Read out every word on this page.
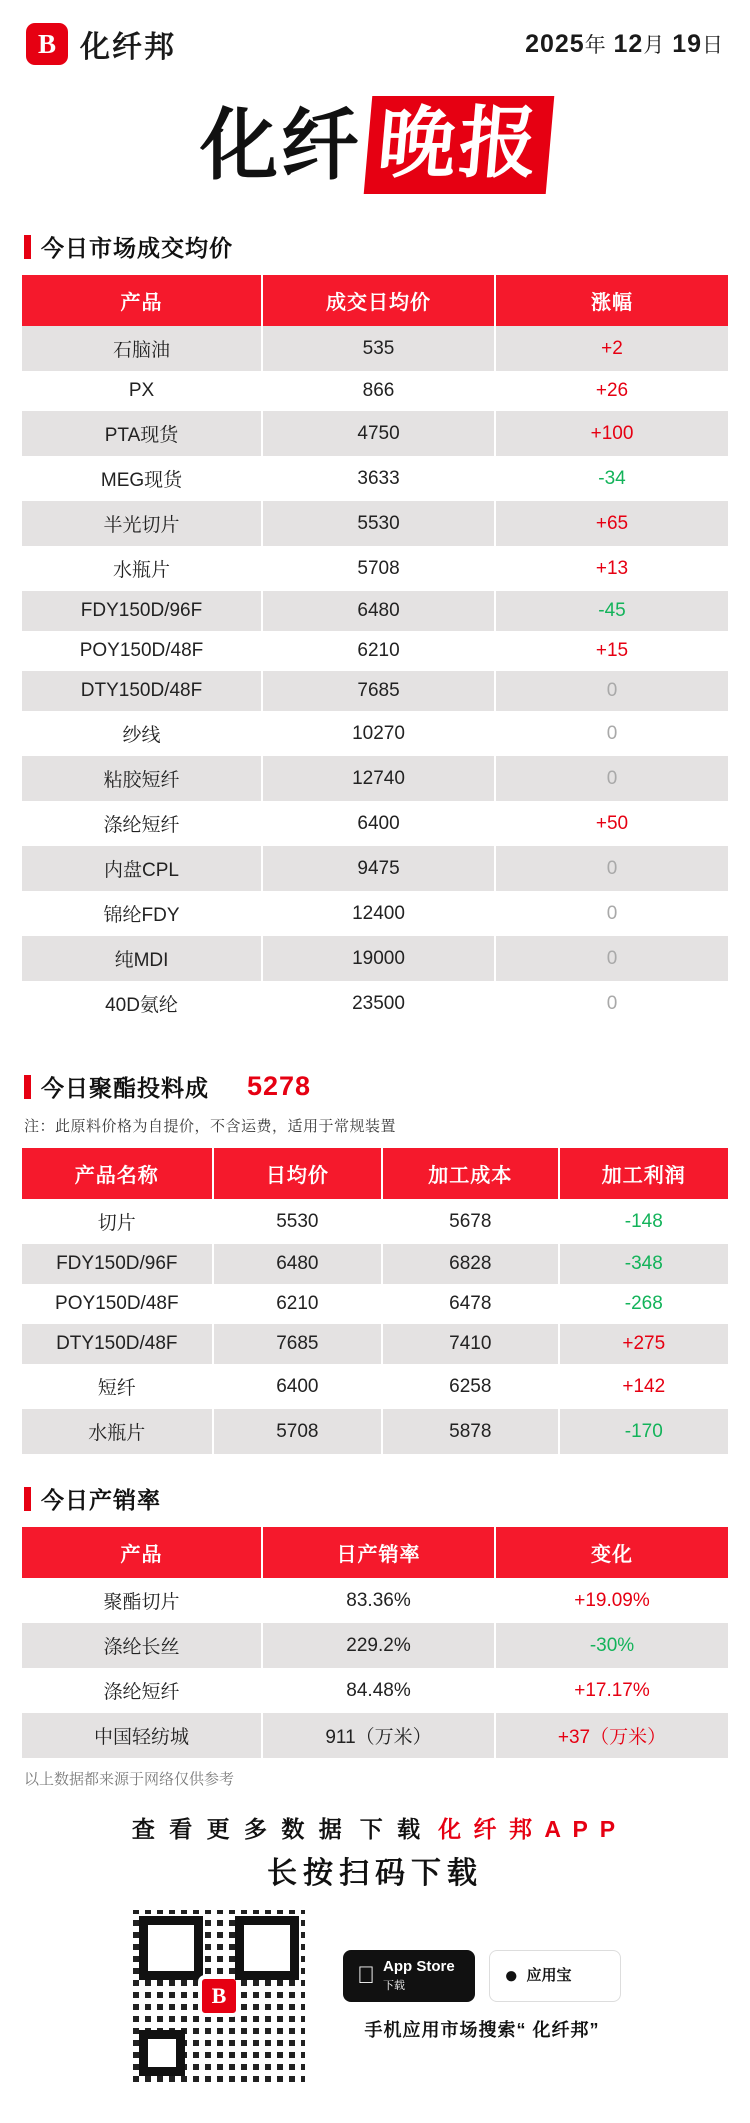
B 化纤邦	2025年 12月 19日
化纤 晚报
今日市场成交均价
产品	成交日均价	涨幅
石脑油	535	+2
PX	866	+26
PTA现货	4750	+100
MEG现货	3633	-34
半光切片	5530	+65
水瓶片	5708	+13
FDY150D/96F	6480	-45
POY150D/48F	6210	+15
DTY150D/48F	7685	0
纱线	10270	0
粘胶短纤	12740	0
涤纶短纤	6400	+50
内盘CPL	9475	0
锦纶FDY	12400	0
纯MDI	19000	0
40D氨纶	23500	0
今日聚酯投料成 5278
注：此原料价格为自提价，不含运费，适用于常规装置
产品名称	日均价	加工成本	加工利润
切片	5530	5678	-148
FDY150D/96F	6480	6828	-348
POY150D/48F	6210	6478	-268
DTY150D/48F	7685	7410	+275
短纤	6400	6258	+142
水瓶片	5708	5878	-170
今日产销率
产品	日产销率	变化
聚酯切片	83.36%	+19.09%
涤纶长丝	229.2%	-30%
涤纶短纤	84.48%	+17.17%
中国轻纺城	911（万米）	+37（万米）
以上数据都来源于网络仅供参考
查 看 更 多 数 据 下 载 化 纤 邦 A P P
长按扫码下载
B
App Store
下载	● 应用宝
手机应用市场搜索“ 化纤邦”
